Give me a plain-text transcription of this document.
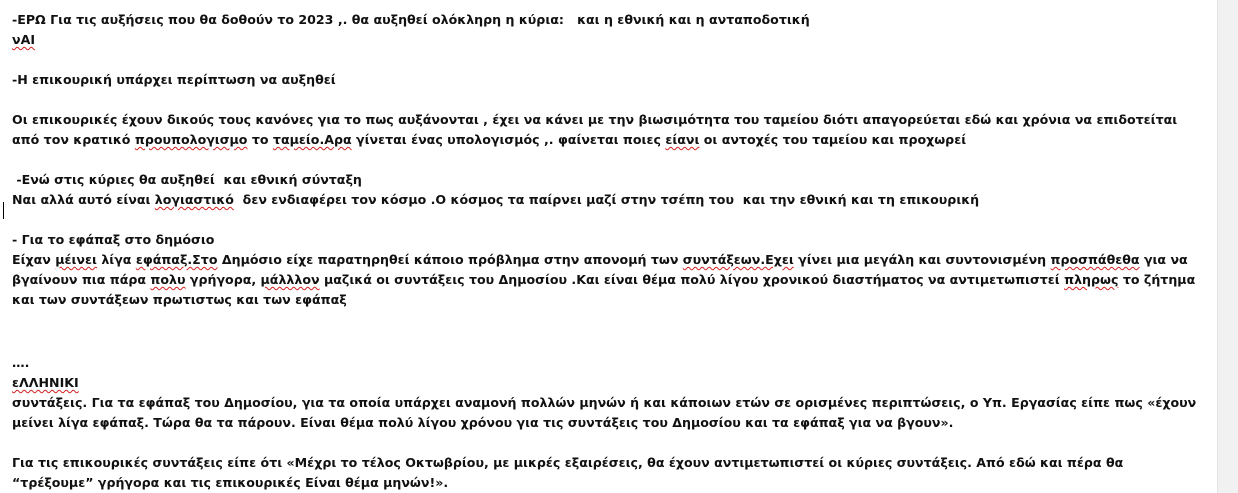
-ΕΡΩ Για τις αυξήσεις που θα δοθούν το 2023 ,. θα αυξηθεί ολόκληρη η κύρια:   και η εθνική και η ανταποδοτική
νΑΙ
-Η επικουρική υπάρχει περίπτωση να αυξηθεί
Οι επικουρικές έχουν δικούς τους κανόνες για το πως αυξάνονται , έχει να κάνει με την βιωσιμότητα του ταμείου διότι απαγορεύεται εδώ και χρόνια να επιδοτείται από τον κρατικό προυπολογισμο το ταμείο.Αρα γίνεται ένας υπολογισμός ,. φαίνεται ποιες είανι οι αντοχές του ταμείου και προχωρεί
-Ενώ στις κύριες θα αυξηθεί  και εθνική σύνταξη
Ναι αλλά αυτό είναι λογιαστικό  δεν ενδιαφέρει τον κόσμο .Ο κόσμος τα παίρνει μαζί στην τσέπη του  και την εθνική και τη επικουρική
- Για το εφάπαξ στο δημόσιο
Είχαν μέινει λίγα εφάπαξ.Στο Δημόσιο είχε παρατηρηθεί κάποιο πρόβλημα στην απονομή των συντάξεων.Εχει γίνει μια μεγάλη και συντονισμένη προσπάθεθα για να βγαίνουν πια πάρα πολυ γρήγορα, μάλλλον μαζικά οι συντάξεις του Δημοσίου .Και είναι θέμα πολύ λίγου χρονικού διαστήματος να αντιμετωπιστεί πληρως το ζήτημα και των συντάξεων πρωτιστως και των εφάπαξ
….
εΛΛΗΝΙΚΙ
συντάξεις. Για τα εφάπαξ του Δημοσίου, για τα οποία υπάρχει αναμονή πολλών μηνών ή και κάποιων ετών σε ορισμένες περιπτώσεις, ο Υπ. Εργασίας είπε πως «έχουν μείνει λίγα εφάπαξ. Τώρα θα τα πάρουν. Είναι θέμα πολύ λίγου χρόνου για τις συντάξεις του Δημοσίου και τα εφάπαξ για να βγουν».
Για τις επικουρικές συντάξεις είπε ότι «Μέχρι το τέλος Οκτωβρίου, με μικρές εξαιρέσεις, θα έχουν αντιμετωπιστεί οι κύριες συντάξεις. Από εδώ και πέρα θα “τρέξουμε” γρήγορα και τις επικουρικές Είναι θέμα μηνών!».
